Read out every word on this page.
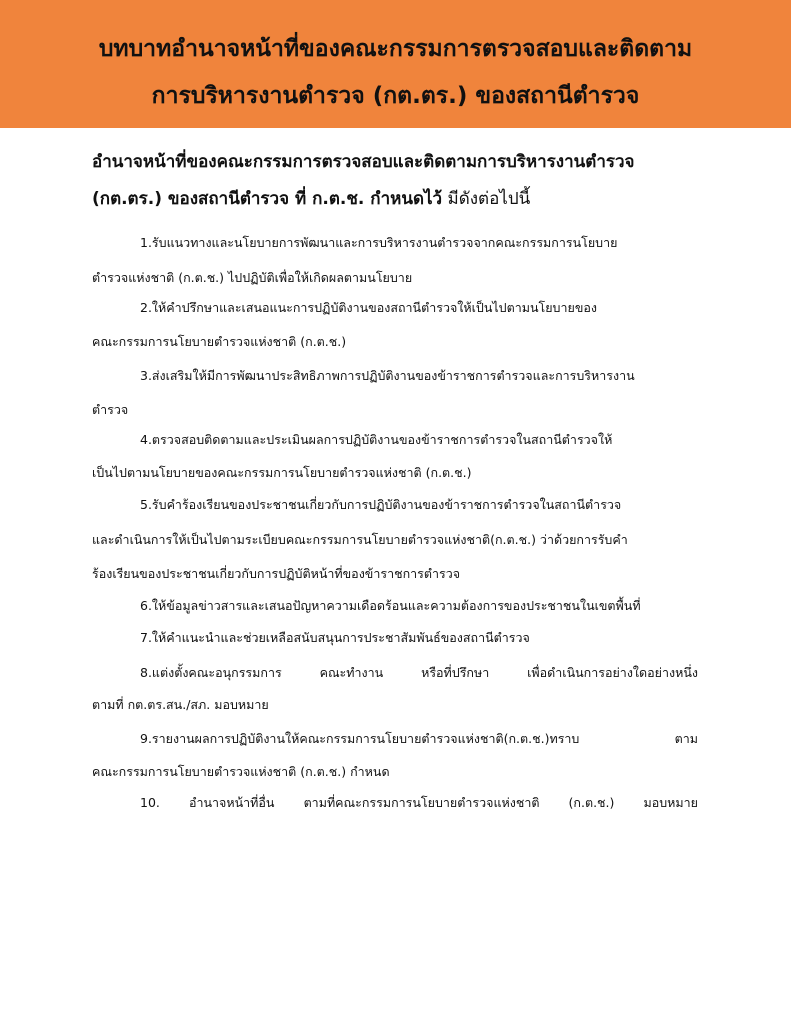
บทบาทอำนาจหน้าที่ของคณะกรรมการตรวจสอบและติดตาม
การบริหารงานตำรวจ (กต.ตร.) ของสถานีตำรวจ
อำนาจหน้าที่ของคณะกรรมการตรวจสอบและติดตามการบริหารงานตำรวจ
(กต.ตร.) ของสถานีตำรวจ ที่ ก.ต.ช. กำหนดไว้ มีดังต่อไปนี้
1.รับแนวทางและนโยบายการพัฒนาและการบริหารงานตำรวจจากคณะกรรมการนโยบาย
ตำรวจแห่งชาติ (ก.ต.ช.) ไปปฏิบัติเพื่อให้เกิดผลตามนโยบาย
2.ให้คำปรึกษาและเสนอแนะการปฏิบัติงานของสถานีตำรวจให้เป็นไปตามนโยบายของ
คณะกรรมการนโยบายตำรวจแห่งชาติ (ก.ต.ช.)
3.ส่งเสริมให้มีการพัฒนาประสิทธิภาพการปฏิบัติงานของข้าราชการตำรวจและการบริหารงาน
ตำรวจ
4.ตรวจสอบติดตามและประเมินผลการปฏิบัติงานของข้าราชการตำรวจในสถานีตำรวจให้
เป็นไปตามนโยบายของคณะกรรมการนโยบายตำรวจแห่งชาติ (ก.ต.ช.)
5.รับคำร้องเรียนของประชาชนเกี่ยวกับการปฏิบัติงานของข้าราชการตำรวจในสถานีตำรวจ
และดำเนินการให้เป็นไปตามระเบียบคณะกรรมการนโยบายตำรวจแห่งชาติ(ก.ต.ช.) ว่าด้วยการรับคำ
ร้องเรียนของประชาชนเกี่ยวกับการปฏิบัติหน้าที่ของข้าราชการตำรวจ
6.ให้ข้อมูลข่าวสารและเสนอปัญหาความเดือดร้อนและความต้องการของประชาชนในเขตพื้นที่
7.ให้คำแนะนำและช่วยเหลือสนับสนุนการประชาสัมพันธ์ของสถานีตำรวจ
8.แต่งตั้งคณะอนุกรรมการ คณะทำงาน หรือที่ปรึกษา เพื่อดำเนินการอย่างใดอย่างหนึ่ง
ตามที่ กต.ตร.สน./สภ. มอบหมาย
9.รายงานผลการปฏิบัติงานให้คณะกรรมการนโยบายตำรวจแห่งชาติ(ก.ต.ช.)ทราบ ตาม
คณะกรรมการนโยบายตำรวจแห่งชาติ (ก.ต.ช.) กำหนด
10. อำนาจหน้าที่อื่น ตามที่คณะกรรมการนโยบายตำรวจแห่งชาติ (ก.ต.ช.) มอบหมาย
